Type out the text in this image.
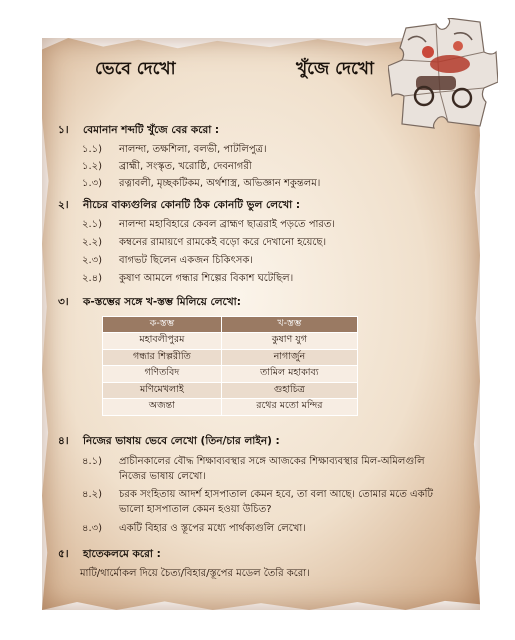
ভেবে দেখো	খুঁজে দেখো
১। বেমানান শব্দটি খুঁজে বের করো :
১.১) নালন্দা, তক্ষশিলা, বলভী, পাটলিপুত্র।
১.২) ব্রাহ্মী, সংস্কৃত, খরোষ্ঠি, দেবনাগরী
১.৩) রত্নাবলী, মৃচ্ছকটিকম, অর্থশাস্ত্র, অভিজ্ঞান শকুন্তলম।
২। নীচের বাক্যগুলির কোনটি ঠিক কোনটি ভুল লেখো :
২.১) নালন্দা মহাবিহারে কেবল ব্রাহ্মণ ছাত্ররাই পড়তে পারত।
২.২) কম্বনের রামায়ণে রামকেই বড়ো করে দেখানো হয়েছে।
২.৩) বাগভট ছিলেন একজন চিকিৎসক।
২.৪) কুষাণ আমলে গন্ধার শিল্পের বিকাশ ঘটেছিল।
৩। ক-স্তম্ভের সঙ্গে খ-স্তম্ভ মিলিয়ে লেখো:
ক-স্তম্ভ	খ-স্তম্ভ
মহাবলীপুরম	কুষাণ যুগ
গন্ধার শিল্পরীতি	নাগার্জুন
গণিতবিদ	তামিল মহাকাব্য
মণিমেখলাই	গুহাচিত্র
অজন্তা	রথের মতো মন্দির
৪। নিজের ভাষায় ভেবে লেখো (তিন/চার লাইন) :
৪.১) প্রাচীনকালের বৌদ্ধ শিক্ষাব্যবস্থার সঙ্গে আজকের শিক্ষাব্যবস্থার মিল-অমিলগুলি নিজের ভাষায় লেখো।
৪.২) চরক সংহিতায় আদর্শ হাসপাতাল কেমন হবে, তা বলা আছে। তোমার মতে একটি ভালো হাসপাতাল কেমন হওয়া উচিত?
৪.৩) একটি বিহার ও স্তূপের মধ্যে পার্থক্যগুলি লেখো।
৫। হাতেকলমে করো :
মাটি/থার্মোকল দিয়ে চৈত্য/বিহার/স্তূপের মডেল তৈরি করো।
